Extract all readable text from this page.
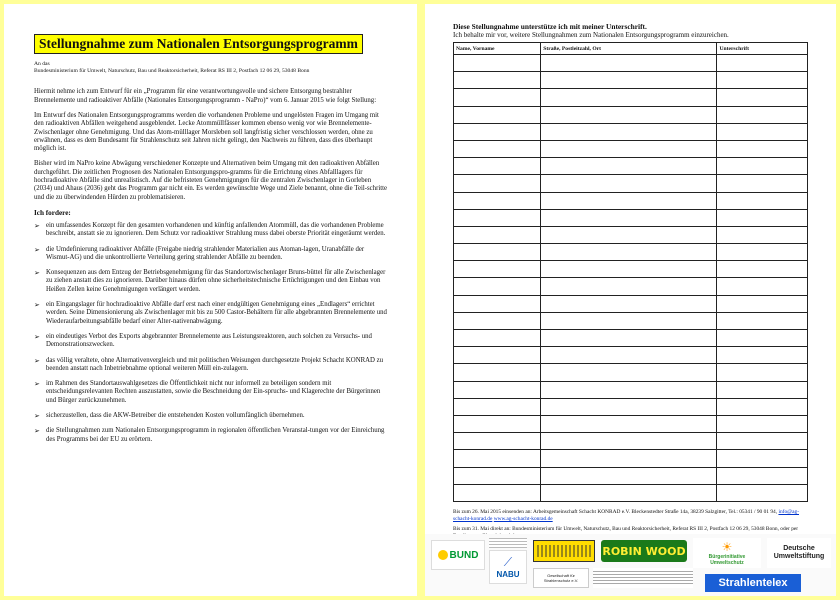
Stellungnahme zum Nationalen Entsorgungsprogramm
An das
Bundesministerium für Umwelt, Naturschutz, Bau und Reaktorsicherheit, Referat RS III 2, Postfach 12 06 29, 53048 Bonn
Hiermit nehme ich zum Entwurf für ein „Programm für eine verantwortungsvolle und sichere Entsorgung bestrahlter Brennelemente und radioaktiver Abfälle (Nationales Entsorgungsprogramm - NaPro)“ vom 6. Januar 2015 wie folgt Stellung:
Im Entwurf des Nationalen Entsorgungsprogramms werden die vorhandenen Probleme und ungelösten Fragen im Umgang mit den radioaktiven Abfällen weitgehend ausgeblendet. Lecke Atommüllfässer kommen ebenso wenig vor wie Brennelemente-Zwischenlager ohne Genehmigung. Und das Atom-mülllager Morsleben soll langfristig sicher verschlossen werden, ohne zu erwähnen, dass es dem Bundesamt für Strahlenschutz seit Jahren nicht gelingt, den Nachweis zu führen, dass dies überhaupt möglich ist.
Bisher wird im NaPro keine Abwägung verschiedener Konzepte und Alternativen beim Umgang mit den radioaktiven Abfällen durchgeführt. Die zeitlichen Prognosen des Nationalen Entsorgungspro-gramms für die Errichtung eines Abfalllagers für hochradioaktive Abfälle sind unrealistisch. Auf die befristeten Genehmigungen für die zentralen Zwischenlager in Gorleben (2034) und Ahaus (2036) geht das Programm gar nicht ein. Es werden gewünschte Wege und Ziele benannt, ohne die Teil-schritte und die zu überwindenden Hürden zu problematisieren.
Ich fordere:
➢ ein umfassendes Konzept für den gesamten vorhandenen und künftig anfallenden Atommüll, das die vorhandenen Probleme beschreibt, anstatt sie zu ignorieren. Dem Schutz vor radioaktiver Strahlung muss dabei oberste Priorität eingeräumt werden.
➢ die Umdefinierung radioaktiver Abfälle (Freigabe niedrig strahlender Materialien aus Atoman-lagen, Uranabfälle der Wismut-AG) und die unkontrollierte Verteilung gering strahlender Abfälle zu beenden.
➢ Konsequenzen aus dem Entzug der Betriebsgenehmigung für das Standortzwischenlager Bruns-büttel für alle Zwischenlager zu ziehen anstatt dies zu ignorieren. Darüber hinaus dürfen ohne sicherheitstechnische Ertüchtigungen und den Einbau von Heißen Zellen keine Genehmigungen verlängert werden.
➢ ein Eingangslager für hochradioaktive Abfälle darf erst nach einer endgültigen Genehmigung eines „Endlagers“ errichtet werden. Seine Dimensionierung als Zwischenlager mit bis zu 500 Castor-Behältern für alle abgebrannten Brennelemente und Wiederaufarbeitungsabfälle bedarf einer Alter-nativenabwägung.
➢ ein eindeutiges Verbot des Exports abgebrannter Brennelemente aus Leistungsreaktoren, auch solchen zu Versuchs- und Demonstrationszwecken.
➢ das völlig veraltete, ohne Alternativenvergleich und mit politischen Weisungen durchgesetzte Projekt Schacht KONRAD zu beenden anstatt nach Inbetriebnahme optional weiteren Müll ein-zulagern.
➢ im Rahmen des Standortauswahlgesetzes die Öffentlichkeit nicht nur informell zu beteiligen sondern mit entscheidungsrelevanten Rechten auszustatten, sowie die Beschneidung der Ein-spruchs- und Klagerechte der Bürgerinnen und Bürger zurückzunehmen.
➢ sicherzustellen, dass die AKW-Betreiber die entstehenden Kosten vollumfänglich übernehmen.
➢ die Stellungnahmen zum Nationalen Entsorgungsprogramm in regionalen öffentlichen Veranstal-tungen vor der Einreichung des Programms bei der EU zu erörtern.
Diese Stellungnahme unterstütze ich mit meiner Unterschrift.
Ich behalte mir vor, weitere Stellungnahmen zum Nationalen Entsorgungsprogramm einzureichen.
Name, Vorname	Straße, Postleitzahl, Ort	Unterschrift

Bis zum 26. Mai 2015 einsenden an: Arbeitsgemeinschaft Schacht KONRAD e.V. Bleckenstedter Straße 14a, 38239 Salzgitter, Tel.: 05341 / 90 01 94, info@ag-schacht-konrad.de www.ag-schacht-konrad.de
Bis zum 31. Mai direkt an: Bundesministerium für Umwelt, Naturschutz, Bau und Reaktorsicherheit, Referat RS III 2, Postfach 12 06 29, 53048 Bonn, oder per
BUND ⟋
NABU
ROBIN WOOD	☀
Bürgerinitiative Umweltschutz
Deutsche Umweltstiftung
Gesellschaft für Strahlenschutz e.V.	Strahlentelex
